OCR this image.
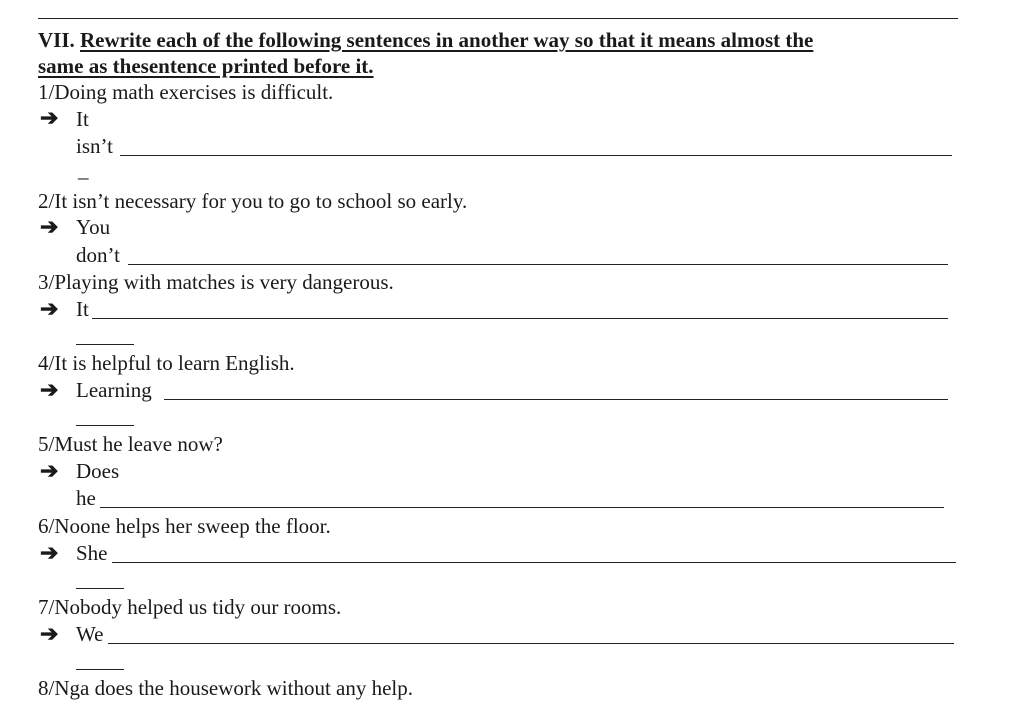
VII. Rewrite each of the following sentences in another way so that it means almost the
same as thesentence printed before it.
1/Doing math exercises is difficult.
➔ It
isn’t
_
2/It isn’t necessary for you to go to school so early.
➔ You
don’t
3/Playing with matches is very dangerous.
➔ It
4/It is helpful to learn English.
➔ Learning
5/Must he leave now?
➔ Does
he
6/Noone helps her sweep the floor.
➔ She
7/Nobody helped us tidy our rooms.
➔ We
8/Nga does the housework without any help.
